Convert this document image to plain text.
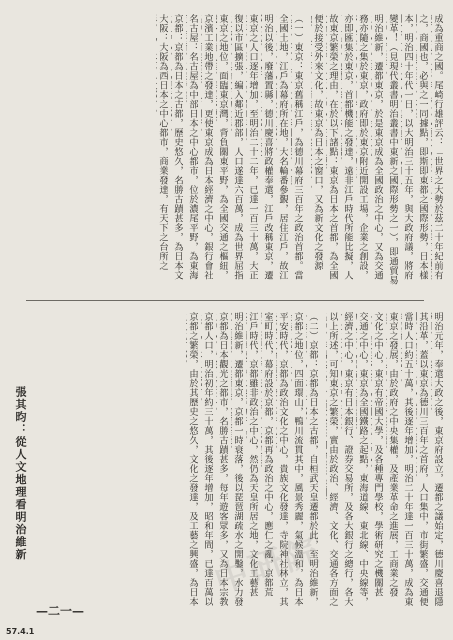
成為重商之國。尾崎行雄評云：「世界之大勢於茲二十年紀前有
之，商國也，必與之一同據點，即斯即東都之國際形勢，日本樣
本，明治四十年代一日，以大明治三十五年，與大政府議，將府
變革！（見現代叢書明治叢書中東新之國際形勢之一），即通貿易
明治維新，遷都東京，於是東京成為全國政治之中心，又為交通
務亦隨之集於東京，政府即於東京附近開設工場，企業之創設，
亦即匯集於東京，首都機能之發達，遠非江戶時代所能比擬，人
故東京繁榮之理由，在於以下諸點：東京為日本之首都，為全國
便於接受外來文化，故東京為日本之窗口，又為新文化之發源
（一）東京：東京舊稱江戶，為德川幕府三百年之政治首都。當
全國土地，江戶為幕府所在地，大名輪番參覲，居住江戶，故江
明治以後，廢藩置縣，德川慶喜將政權奉還，江戶改稱東京，遷
東京之人口逐年增加，至明治二十二年，已達一百三十萬，大正
復以市區擴張，編入鄰近郡部，人口遂達六百萬，成為世界屈指
東京之地位，面臨東京灣，背負關東平野，為全國交通之樞紐，
京濱工業地帶之發達，更使東京成為日本經濟之中心，銀行會社
名古屋：名古屋為中部日本之中心都市，位於濃尾平野，為東海
京都：京都為日本之古都，歷史悠久，名勝古蹟甚多，為日本文
大阪：大阪為西日本之中心都市，商業發達，有天下之台所之
明治元年，奉還大政之後，東京府設立，遷都之議始定，德川慶喜退隱
其沿革，蓋以東京為德川三百年之首府，人口集中，市街繁盛，交通便
當時人口約五十萬，其後逐年增加，明治二十年達一百三十萬，成為東
東京之發展，由於政府之中央集權，及產業革命之進展，工商業之發
文化之中心，東京有帝國大學，及各種專門學校，學術研究之機關甚
交通之中心，東京為全國鐵路之起點，東海道線、東北線、中央線等，
經濟之中心，東京有日本銀行、證券交易所，及各大銀行之總行，各大
以上所述，可知東京之繁榮，實由於政治、經濟、文化、交通各方面之
（二）京都：京都為日本之古都，自桓武天皇遷都於此，至明治維新，
京都之地位，四面環山，鴨川流貫其中，風景秀麗，氣候溫和，為日本
平安時代，京都為政治文化之中心，貴族文化發達，寺院神社林立，其
室町時代，幕府設於京都，京都再為政治之中心，應仁之亂，京都荒
江戶時代，京都雖非政治之中心，然仍為天皇所居之地，文化工藝甚
明治維新，遷都東京，京都一時衰落，後以琵琶湖疏水之開鑿，水力發
京都為日本觀光之都市，名勝古蹟甚多，每年遊客眾多，又為日本宗教
京都人口，明治初年約三十萬，其後逐年增加，昭和年間，已達百萬以
京都之繁榮，由於其歷史之悠久，文化之發達，及工藝之興盛，為日本
中研院
張其昀：從人文地理看明治維新
—二一—
57.4.1
